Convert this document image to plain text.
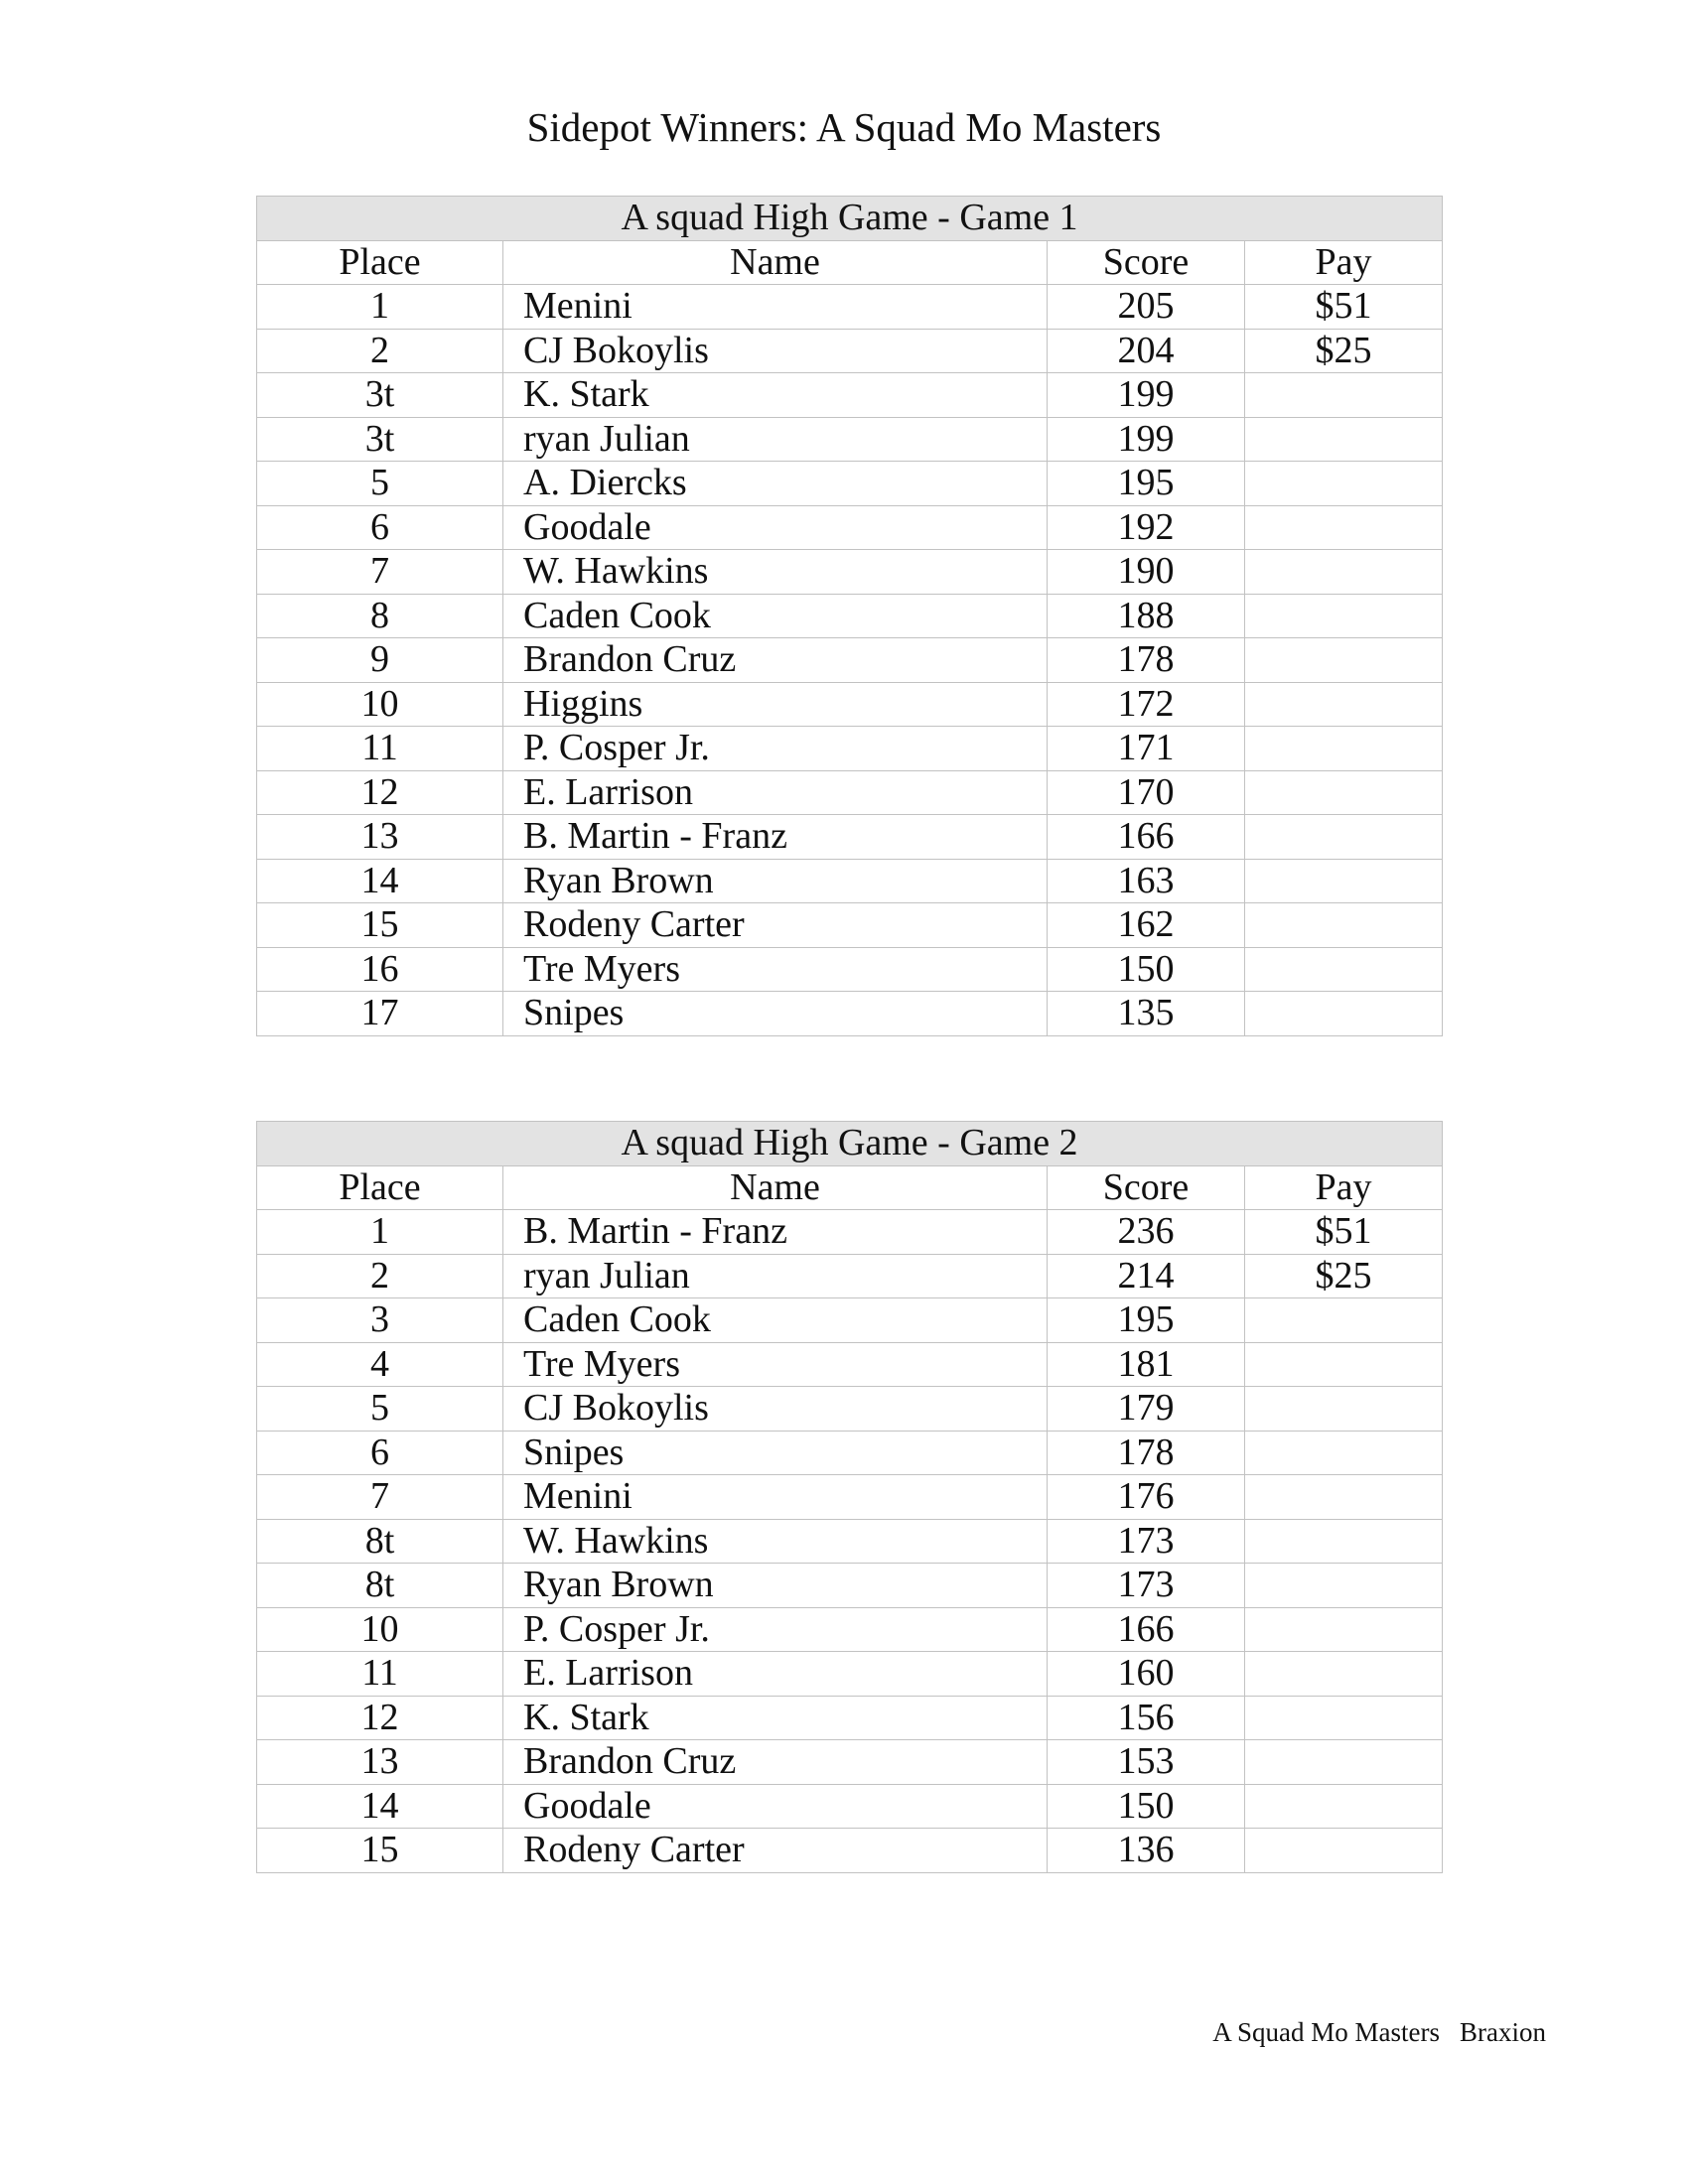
Sidepot Winners: A Squad Mo Masters
A squad High Game - Game 1			
Place	Name	Score	Pay
1	Menini	205	$51
2	CJ Bokoylis	204	$25
3t	K. Stark	199	
3t	ryan Julian	199	
5	A. Diercks	195	
6	Goodale	192	
7	W. Hawkins	190	
8	Caden Cook	188	
9	Brandon Cruz	178	
10	Higgins	172	
11	P. Cosper Jr.	171	
12	E. Larrison	170	
13	B. Martin - Franz	166	
14	Ryan Brown	163	
15	Rodeny Carter	162	
16	Tre Myers	150	
17	Snipes	135	
A squad High Game - Game 2			
Place	Name	Score	Pay
1	B. Martin - Franz	236	$51
2	ryan Julian	214	$25
3	Caden Cook	195	
4	Tre Myers	181	
5	CJ Bokoylis	179	
6	Snipes	178	
7	Menini	176	
8t	W. Hawkins	173	
8t	Ryan Brown	173	
10	P. Cosper Jr.	166	
11	E. Larrison	160	
12	K. Stark	156	
13	Brandon Cruz	153	
14	Goodale	150	
15	Rodeny Carter	136	
A Squad Mo Masters Braxion
